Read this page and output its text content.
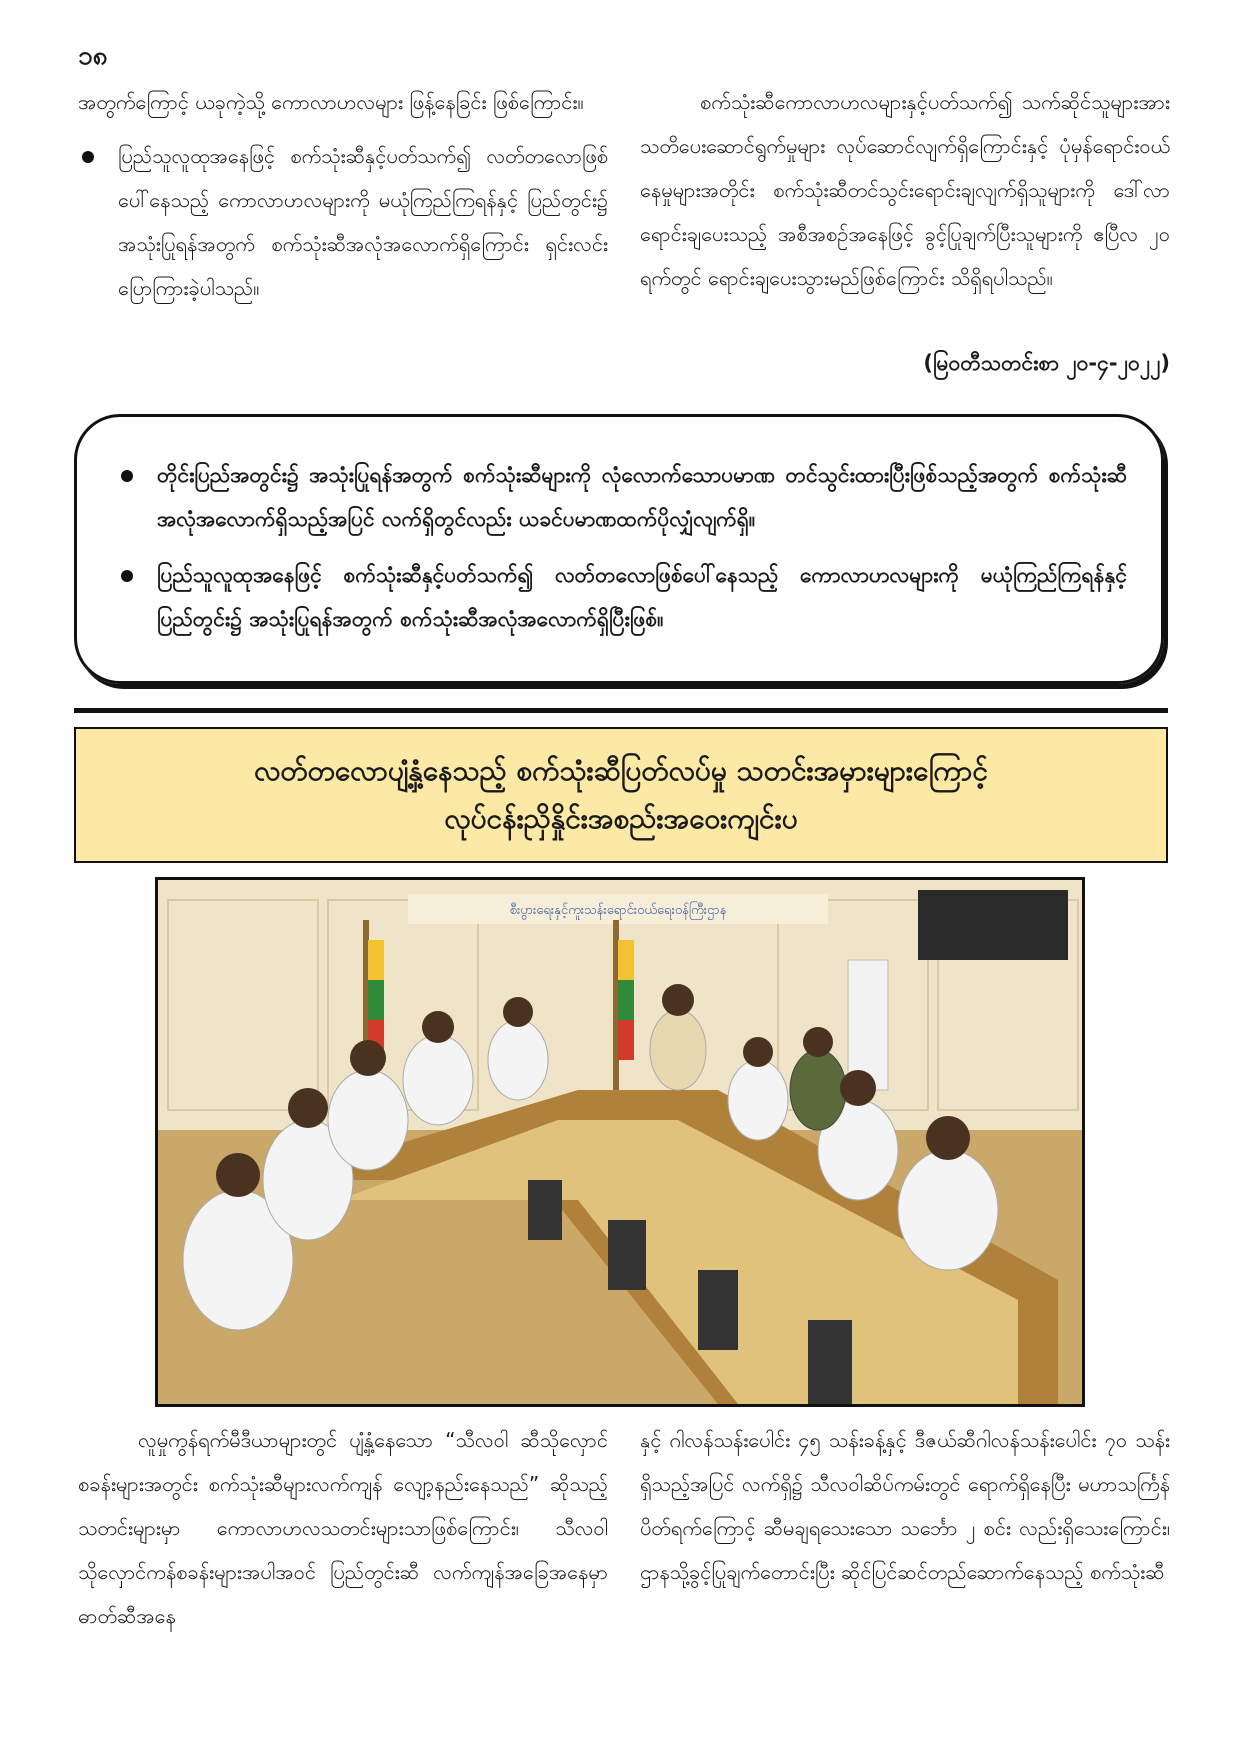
၁၈

အတွက်ကြောင့် ယခုကဲ့သို့ ကောလာဟလများ ဖြန့်နေခြင်း ဖြစ်ကြောင်း။

ပြည်သူလူထုအနေဖြင့် စက်သုံးဆီနှင့်ပတ်သက်၍ လတ်တလောဖြစ်ပေါ်နေသည့် ကောလာဟလများကို မယုံကြည်ကြရန်နှင့် ပြည်တွင်း၌ အသုံးပြုရန်အတွက် စက်သုံးဆီအလုံအလောက်ရှိကြောင်း ရှင်းလင်းပြောကြားခဲ့ပါသည်။

စက်သုံးဆီကောလာဟလများနှင့်ပတ်သက်၍ သက်ဆိုင်သူများအား သတိပေးဆောင်ရွက်မှုများ လုပ်ဆောင်လျက်ရှိကြောင်းနှင့် ပုံမှန်ရောင်းဝယ်နေမှုများအတိုင်း စက်သုံးဆီတင်သွင်းရောင်းချလျက်ရှိသူများကို ဒေါ်လာရောင်းချပေးသည့် အစီအစဉ်အနေဖြင့် ခွင့်ပြုချက်ပြီးသူများကို ဧပြီလ ၂၀ ရက်တွင် ရောင်းချပေးသွားမည်ဖြစ်ကြောင်း သိရှိရပါသည်။

(မြဝတီသတင်းစာ ၂၀-၄-၂၀၂၂)
တိုင်းပြည်အတွင်း၌ အသုံးပြုရန်အတွက် စက်သုံးဆီများကို လုံလောက်သောပမာဏ တင်သွင်းထားပြီးဖြစ်သည့်အတွက် စက်သုံးဆီအလုံအလောက်ရှိသည့်အပြင် လက်ရှိတွင်လည်း ယခင်ပမာဏထက်ပိုလျှံလျက်ရှိ။
ပြည်သူလူထုအနေဖြင့် စက်သုံးဆီနှင့်ပတ်သက်၍ လတ်တလောဖြစ်ပေါ်နေသည့် ကောလာဟလများကို မယုံကြည်ကြရန်နှင့် ပြည်တွင်း၌ အသုံးပြုရန်အတွက် စက်သုံးဆီအလုံအလောက်ရှိပြီးဖြစ်။
လတ်တလောပျံ့နှံ့နေသည့် စက်သုံးဆီပြတ်လပ်မှု သတင်းအမှားများကြောင့်
လုပ်ငန်းညှိနှိုင်းအစည်းအဝေးကျင်းပ
စီးပွားရေးနှင့်ကူးသန်းရောင်းဝယ်ရေးဝန်ကြီးဌာန

လူမှုကွန်ရက်မီဒီယာများတွင် ပျံ့နှံ့နေသော “သီလဝါ ဆီသိုလှောင်စခန်းများအတွင်း စက်သုံးဆီများလက်ကျန် လျော့နည်းနေသည်” ဆိုသည့် သတင်းများမှာ ကောလာဟလသတင်းများသာဖြစ်ကြောင်း၊ သီလဝါသိုလှောင်ကန်စခန်းများအပါအဝင် ပြည်တွင်းဆီ လက်ကျန်အခြေအနေမှာ ဓာတ်ဆီအနေ

နှင့် ဂါလန်သန်းပေါင်း ၄၅ သန်းခန့်နှင့် ဒီဇယ်ဆီဂါလန်သန်းပေါင်း ၇၀ သန်းရှိသည့်အပြင် လက်ရှိ၌ သီလဝါဆိပ်ကမ်းတွင် ရောက်ရှိနေပြီး မဟာသင်္ကြန်ပိတ်ရက်ကြောင့် ဆီမချရသေးသော သင်္ဘော ၂ စင်း လည်းရှိသေးကြောင်း၊ ဌာနသို့ခွင့်ပြုချက်တောင်းပြီး ဆိုင်ပြင်ဆင်တည်ဆောက်နေသည့် စက်သုံးဆီ
